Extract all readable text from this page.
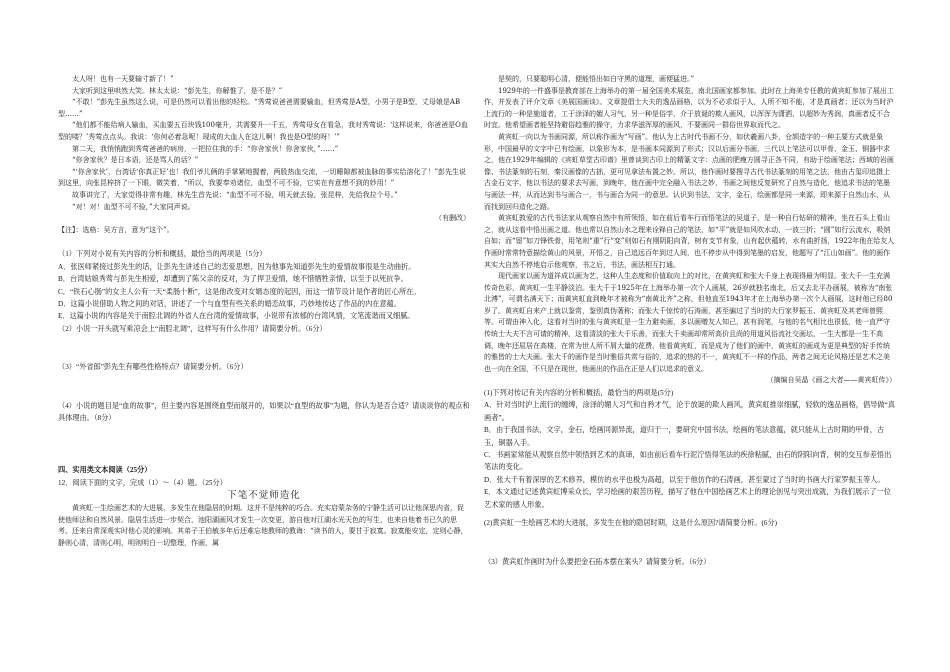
太人呀！也有一天要输寸新了！”

大家听到这里哄然大笑。林太太说：“彭先生，你解惟了，是不是？”

“不敢！”彭先生虽然这么说，可是仍然可以看出他的轻松。“秀莺说爸爸需要输血，但秀莺是A型，小男子是B型，丈母娘是AB型……”

“他们都不能给病人输血，买血要五百块钱100毫升，共需要升一千五，秀莺母女在看急，我对秀莺说：‘这样说来，你爸爸是O血型的喽？’秀莺点点头。我说：‘你何必着急呢！现成的大血人在这儿啊！我也是O型的呀！’”

第二天，我悄悄跑到秀莺爸爸的病房，一把拉住我的手：“你舍家伙！你舍家伙，”……”

“你舍家伙？是日本语，还是骂人的话？”

“‘你舍家伙’，台湾话‘你真正好’也！我们爷儿俩的手掌紧地握着，两股热血交流，一切睡隙都被血脉的事实给溶化了！”彭先生说到这里，向张昆梓挤了一下眼，微笑着，“所以，我要奉劝诸位，血型不可不验，它实在有意想不到的妙用！”

故事讲完了，大家觉得非常有趣，林先生首先说：“血型不可不验，明天就去验，张昆梓，先给我拉个号。”

“对！对！血型不可不验，”大家同声说。

（有删改）

【注】：选格：吴方言，意为“这个”。

（1）下列对小说有关内容的分析和概括，最恰当的两项是（5分）

A．张医师紧接过彭先生的话，让彭先生讲述自己的恋爱思想，因为他事先知道彭先生的爱情故事很是生动曲折。

B．台湾姑娘秀莺与彭先生相爱，却遭到了陈父亲的反对，为了捍卫爱情，她不惜牺牲亲情，以至于以死抗争。

C．“铁石心肠”的女主人公有一天“柔肠十断”，这是他改变对女婿态度的起因，而这一情节设计是作者的匠心所在。

D．这篇小说借助人物之间的对话，讲述了一个与血型有些关系的婚恋故事，巧妙地传达了作品的内在意蕴。

E．这篇小说的内容是关于南腔北调的外省人在台湾的爱情故事，小说带有浓郁的台湾风情，文笔流谐而又细腻。

（2）小说一开头就写乘凉会上“南腔北调”，这样写有什么作用？请简要分析。（6分）

（3）“外省郎”彭先生有哪些性格特点？请简要分析。（6分）

（4）小说的题目是“血的故事”，但主要内容是围绕血型而展开的，如果以“血型的故事”为题，你认为是否合适？请谈谈你的观点和具体理由。（8分）

四、实用类文本阅读（25分）

12．阅读下面的文字，完成（1）～（4）题。（25分）

下笔不觉师造化

黄宾虹一生绘画艺术的大进展，多发生在他隐居的时期。这并不是纯粹的巧合。充实启蒙杂务的宁静生活可以让他深思内省，促使他师法和自然风景。隐居生活进一步契合，池阳湖画风才发生一次变更，游自他对江湖水光天色的写生，也来自他着书已久的思考。还来自常深观实时他心灵的影响。其弟子王伯敏多年后还难忘他教师的教诲：“读书的人，要甘于寂寞。寂寞能安定，定则心静，静则心清，清则心明，明则明白一切整理，作画，属

是契的，只要聪明心清，便能悟出如白守黑的道理，画便猛进。”

1929年的一件盛事是教育部在上海举办的第一届全国美术展览，南北国画家都参加。此时在上海美专任教的黄宾虹参加了展出工作，并发表了评介文章《美展国画谈》。文章提倡士大夫的逸品画格，以为不必求似于人，人所不知不能，才是真画者；还以为当时沪上流行的一种是施道者，工于涂泽的媚人习气，另一种是俗学，介于放诞的欺人画风，以浑浑为潇洒，以超妙为秀润，真画者反不合时宜。他希望画者能坚持避俗趋雅的操守，力求华滋浑厚的画风，不要画同一群俗世界取而代之。

黄宾虹一向以为书画同源，所以称作画为“写画”。他认为上古时代书画不分，如伏羲画八卦，仓颉造字的一种主要方式就是象形，中国最早的文字中已有绘画，以象形为本，是书画本同源到了形式；汉以后画分书画，三代以上笔法可以甲骨、金玉、铜器中求之，他在1929年编辑的《宾虹草堂古印谱》里曾谈到古印上的精篆文字：点画的肥瘦方圆寻正各不同，有助于绘画笔法；西域的岩画像、书法篆刻的石刻，秦汉画像的古拙，更可见拿法布置之妙。所以，他作画时要搜寻古代书法篆刻的用笔之法，他由古玺印追摄上古金石文字，他以书法的要求去写画，到晚年，他在画中完全融入书法之妙，书画之间他反复研究了自然与造化，他追求书法的笔墨与画法一样，从而达到书与画合一，书与画合为同一的意思。认识到书法，文字，金石，绘画都是同一来源，即来源于自然山水，从而找到回归造化之路。

黄宾虹敦爱的古代书法家从观察自然中有所领悟，如在前后看车行而悟笔法的吴道子，是一种自行钻研的精神，坐在石头上看山之，就从这看中悟出画之道。他也常以自然山水之理来诠释自己的笔法，如“平”就是如风吹水动，一波三折；“圆”如行云流水，吸纳自如；而“留”如刀锋铁骨，用笔则“重”行“变”则如石有刚阴阳向背，树有支节有象，山有起伏蕴转，水有曲折扬，1922年他在给友人作画时常常特意描绘黄山的风景，开悟之，自己追远百年到过人间，也不停步从中得到笔墨的启发，他题写了“江山如画”。他的画作其实大自然不停地启示他观察，书之后，书法，画法相互打通。

现代画家以画为道祥成以画为艺，这种人生态度和价值取向上的对比，在黄宾虹和张大千身上表现得最为明显。张大千一生充满传奇色彩，黄宾虹一生平静淡泊。张大千于1925年在上海举办第一次个人画展，26岁就独名南北，后又去北平办画展，被称为“南张北溥”，可谓名满天下；而黄宾虹直到晚年才被称为“南黄北齐”之称，但他直至1943年才在上海举办第一次个人画展，这时他已经80岁了。黄宾虹自来产上就以鉴赏，鉴别真伪著称；而张大千惊传的石涛画，甚至骗过了当时的大行家罗振玉、黄宾虹及其老师曾熙等。可谓由神入化，这看对当时的张与黄宾虹是一生力避卖画，多以画赠友人知己，甚有润笔，与他的名气相比也很低，他一直严守传统士大夫不言可请的精神，这看清淡的张大千乐善，而张大千卖画却常所高价且尚的用道风俗流社交画坛，一生大都是一生不高调，晚年还屈居在高楼，在常为世人所不屑大量的花费，他看黄宾虹，而是成为了他们的画中，黄宾虹的画成为更是典型的好手传统的雅皆的士大夫画。张大千的画作是当时雅俗共赏与俗的，追求的热的不一，黄宾虹不一样的作品，两者之间无论风格还是艺术之美也一向在全国，不只是在现世，他画出的作品在正是人们以追求的意义。

（摘编自吴晶《画之大者——黄宾虹传》）

(1)下列对传记有关内容的分析和概括，最恰当的两项是(5分)

A．针对当时沪上流行的缠缚，涂泽的媚人习气和自矜才气，沦于放诞的欺人画风，黄宾虹推崇细腻，轻软的逸品画格，倡导做“真画者”。

B．由于我国书法，文字，金石，绘画同源异流，道归于一，要研究中国书法，绘画的笔法意蕴，就只能从上古时期的甲骨，古玉，铜器入手。

C．书画家常能从观察自然中领悟到艺术的真谛，如由前后看车行泥泞悟得笔法的疾徐粘腻，由石的阴阳向背，树的交互参差悟出笔法的变化。

D．张大千有着深厚的艺术修养，模仿的水平也极为高超，以至于他仿作的石涛画，甚至蒙过了当时的书画大行家罗振玉等人。

E．本文通过记述黄宾虹博采众长，学习绘画的艰苦历程，描写了他在中国绘画艺术上的理论创见与突出成就，为我们展示了一位艺术家的感人形象。

(2)黄宾虹一生绘画艺术的大进展，多发生在他的隐居时期，这是什么原因?请简要分析。(6分)

（3）黄宾虹作画时为什么要把金石拓本摆在案头？请简要分析。（6分）
